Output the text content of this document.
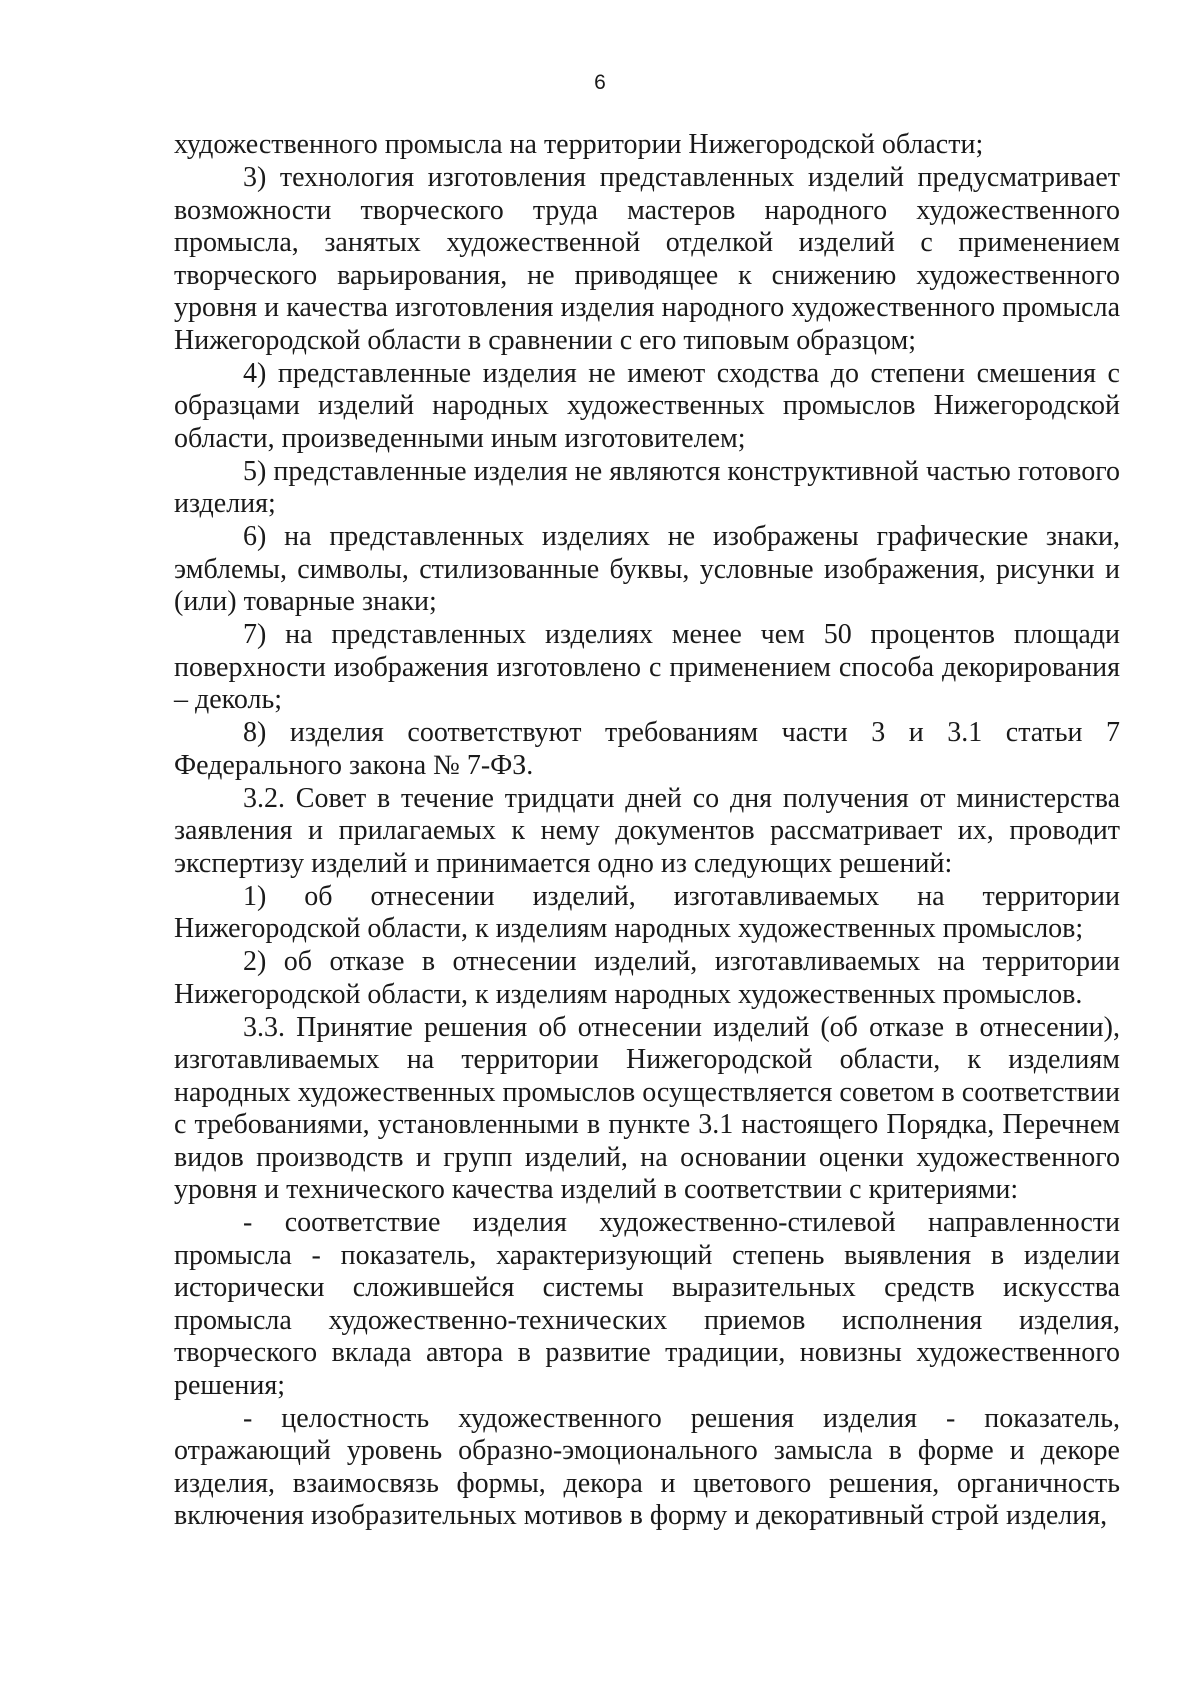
6

художественного промысла на территории Нижегородской области;

3) технология изготовления представленных изделий предусматривает возможности творческого труда мастеров народного художественного промысла, занятых художественной отделкой изделий с применением творческого варьирования, не приводящее к снижению художественного уровня и качества изготовления изделия народного художественного промысла Нижегородской области в сравнении с его типовым образцом;

4) представленные изделия не имеют сходства до степени смешения с образцами изделий народных художественных промыслов Нижегородской области, произведенными иным изготовителем;

5) представленные изделия не являются конструктивной частью готового изделия;

6) на представленных изделиях не изображены графические знаки, эмблемы, символы, стилизованные буквы, условные изображения, рисунки и (или) товарные знаки;

7) на представленных изделиях менее чем 50 процентов площади поверхности изображения изготовлено с применением способа декорирования – деколь;

8) изделия соответствуют требованиям части 3 и 3.1 статьи 7 Федерального закона № 7-ФЗ.

3.2. Совет в течение тридцати дней со дня получения от министерства заявления и прилагаемых к нему документов рассматривает их, проводит экспертизу изделий и принимается одно из следующих решений:

1) об отнесении изделий, изготавливаемых на территории Нижегородской области, к изделиям народных художественных промыслов;

2) об отказе в отнесении изделий, изготавливаемых на территории Нижегородской области, к изделиям народных художественных промыслов.

3.3. Принятие решения об отнесении изделий (об отказе в отнесении), изготавливаемых на территории Нижегородской области, к изделиям народных художественных промыслов осуществляется советом в соответствии с требованиями, установленными в пункте 3.1 настоящего Порядка, Перечнем видов производств и групп изделий, на основании оценки художественного уровня и технического качества изделий в соответствии с критериями:

- соответствие изделия художественно-стилевой направленности промысла - показатель, характеризующий степень выявления в изделии исторически сложившейся системы выразительных средств искусства промысла художественно-технических приемов исполнения изделия, творческого вклада автора в развитие традиции, новизны художественного решения;

- целостность художественного решения изделия - показатель, отражающий уровень образно-эмоционального замысла в форме и декоре изделия, взаимосвязь формы, декора и цветового решения, органичность включения изобразительных мотивов в форму и декоративный строй изделия,
